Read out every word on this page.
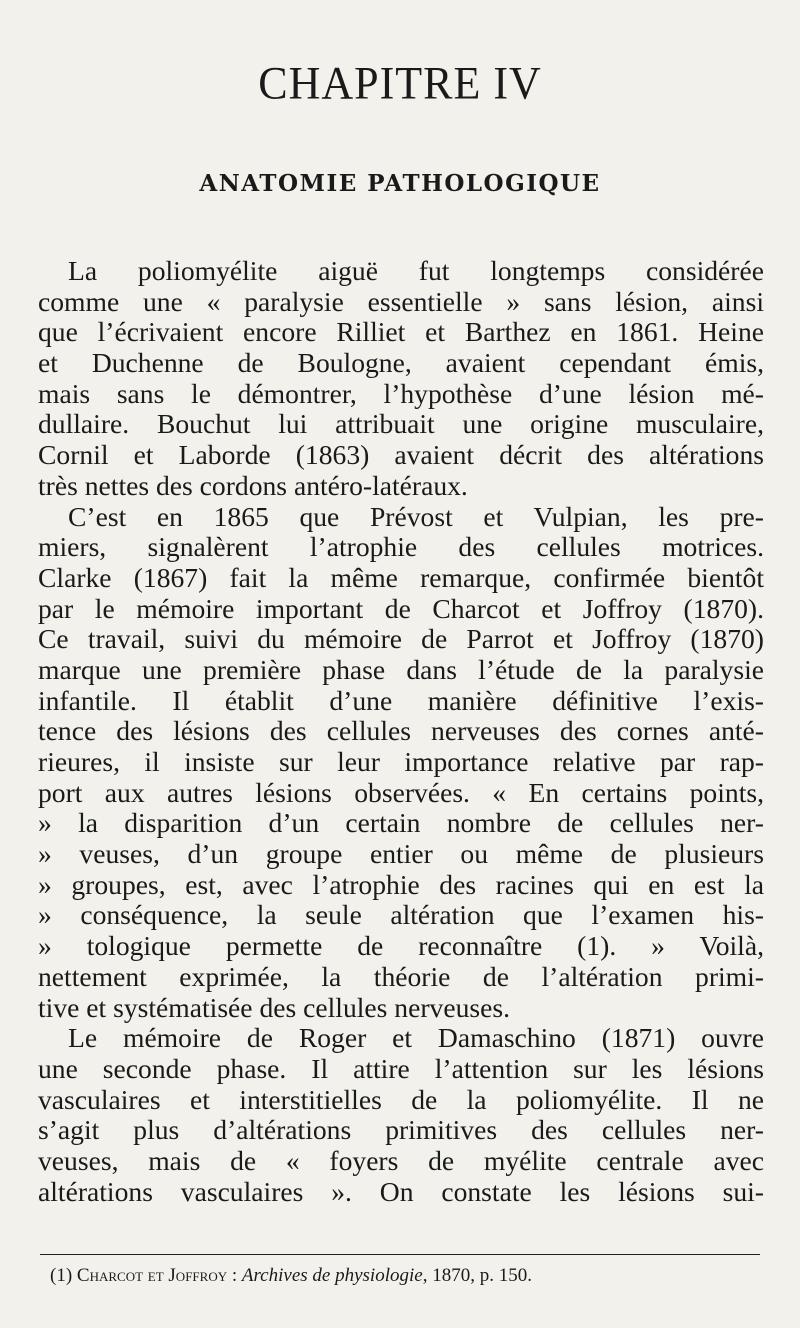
CHAPITRE IV
ANATOMIE PATHOLOGIQUE
La poliomyélite aiguë fut longtemps considérée
comme une « paralysie essentielle » sans lésion, ainsi
que l’écrivaient encore Rilliet et Barthez en 1861. Heine
et Duchenne de Boulogne, avaient cependant émis,
mais sans le démontrer, l’hypothèse d’une lésion mé-
dullaire. Bouchut lui attribuait une origine musculaire,
Cornil et Laborde (1863) avaient décrit des altérations
très nettes des cordons antéro-latéraux.
C’est en 1865 que Prévost et Vulpian, les pre-
miers, signalèrent l’atrophie des cellules motrices.
Clarke (1867) fait la même remarque, confirmée bientôt
par le mémoire important de Charcot et Joffroy (1870).
Ce travail, suivi du mémoire de Parrot et Joffroy (1870)
marque une première phase dans l’étude de la paralysie
infantile. Il établit d’une manière définitive l’exis-
tence des lésions des cellules nerveuses des cornes anté-
rieures, il insiste sur leur importance relative par rap-
port aux autres lésions observées. « En certains points,
» la disparition d’un certain nombre de cellules ner-
» veuses, d’un groupe entier ou même de plusieurs
» groupes, est, avec l’atrophie des racines qui en est la
» conséquence, la seule altération que l’examen his-
» tologique permette de reconnaître (1). » Voilà,
nettement exprimée, la théorie de l’altération primi-
tive et systématisée des cellules nerveuses.
Le mémoire de Roger et Damaschino (1871) ouvre
une seconde phase. Il attire l’attention sur les lésions
vasculaires et interstitielles de la poliomyélite. Il ne
s’agit plus d’altérations primitives des cellules ner-
veuses, mais de « foyers de myélite centrale avec
altérations vasculaires ». On constate les lésions sui-
(1) Charcot et Joffroy : Archives de physiologie, 1870, p. 150.
